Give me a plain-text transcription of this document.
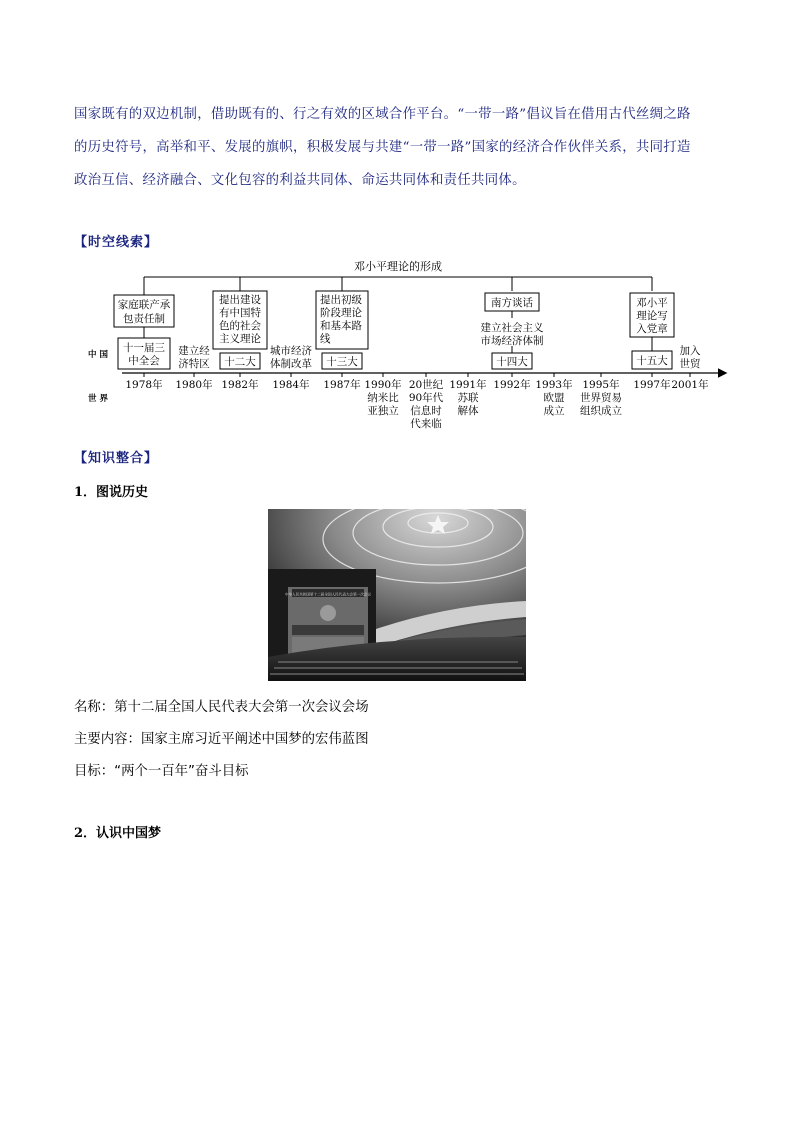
国家既有的双边机制，借助既有的、行之有效的区域合作平台。“一带一路”倡议旨在借用古代丝绸之路

的历史符号，高举和平、发展的旗帜，积极发展与共建“一带一路”国家的经济合作伙伴关系，共同打造

政治互信、经济融合、文化包容的利益共同体、命运共同体和责任共同体。

【时空线索】
邓小平理论的形成
家庭联产承
包责任制
提出建设
有中国特
色的社会
主义理论
提出初级
阶段理论
和基本路
线
南方谈话	邓小平
理论写
入党章
十一届三
中全会	十二大	十三大	十四大	十五大
中 国
世 界
建立经
济特区
城市经济
体制改革
建立社会主义
市场经济体制
加入
世贸
1978年 1980年 1982年 1984年 1987年 1990年 20世纪 1991年 1992年 1993年 1995年 1997年 2001年
纳米比
亚独立
90年代
信息时
代来临
苏联
解体
欧盟
成立
世界贸易
组织成立
【知识整合】
1．图说历史
中华人民共和国第十二届全国人民代表大会第一次会议
名称：第十二届全国人民代表大会第一次会议会场
主要内容：国家主席习近平阐述中国梦的宏伟蓝图
目标：“两个一百年”奋斗目标
2．认识中国梦
